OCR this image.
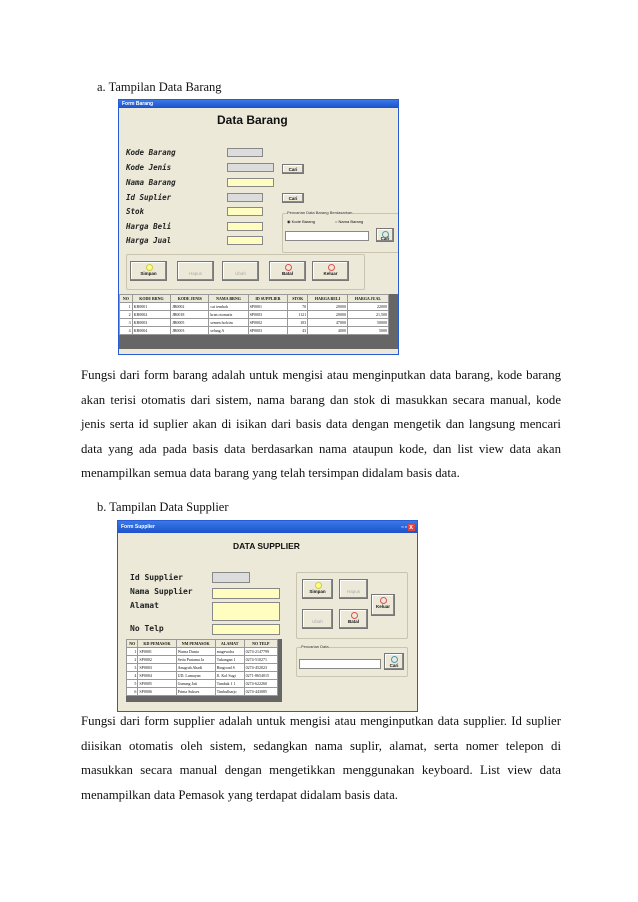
a. Tampilan Data Barang
Form Barang
Data Barang
Kode Barang
Kode Jenis
Nama Barang
Id Suplier
Stok
Harga Beli
Harga Jual
Cari
Cari
Pencarian Data Barang Berdasarkan
◉ Kode Barang	○ Nama Barang
Cari
Simpan	Hapus	Ubah	Batal	Keluar
NO	KODE BRNG	KODE JENIS	NAMA BRNG	ID SUPPLIER	STOK	HARGA BELI	HARGA JUAL
1	KB0001	JB0002	cat tembok	SP0001	70	20000	22000
2	KB0002	JB0018	kran otomatis	SP0003	1121	20000	21,500
3	KB0003	JB0005	semen holcim	SP0002	103	47000	50000
4	KB0004	JB0003	selang A	SP0003	43	4000	5000
Fungsi dari form barang adalah untuk mengisi atau menginputkan data barang, kode barang akan terisi otomatis dari sistem, nama barang dan stok di masukkan secara manual, kode jenis serta id suplier akan di isikan dari basis data dengan mengetik dan langsung mencari data yang ada pada basis data berdasarkan nama ataupun kode, dan list view data akan menampilkan semua data barang yang telah tersimpan didalam basis data.
b. Tampilan Data Supplier
Form Supplier	▫▫x
DATA SUPPLIER
Id Supplier
Nama Supplier
Alamat
No Telp
NO	KD PEMASOK	NM PEMASOK	ALAMAT	NO TELP
1	SP0001	Warna Dunia	magewoha	0274-2147799
2	SP0002	Setia Pratama Ja	Tukangan 1	0274-510271
3	SP0003	Anugrah Abadi	Ringroad S	0274-452023
4	SP0004	UD. Lumayan	Jl. Kol Sugi	0271-8654015
5	SP0005	Gunung Jati	Tambak 1 1	0274-622260
6	SP0006	Prima Sukses	Timbulharjo	0274-443085
Simpan	Hapus
Ubah	Batal
Keluar
Pencarian Data
Cari
Fungsi dari form supplier adalah untuk mengisi atau menginputkan data supplier. Id suplier diisikan otomatis oleh sistem, sedangkan nama suplir, alamat, serta nomer telepon di masukkan secara manual dengan mengetikkan menggunakan keyboard. List view data menampilkan data Pemasok yang terdapat didalam basis data.
